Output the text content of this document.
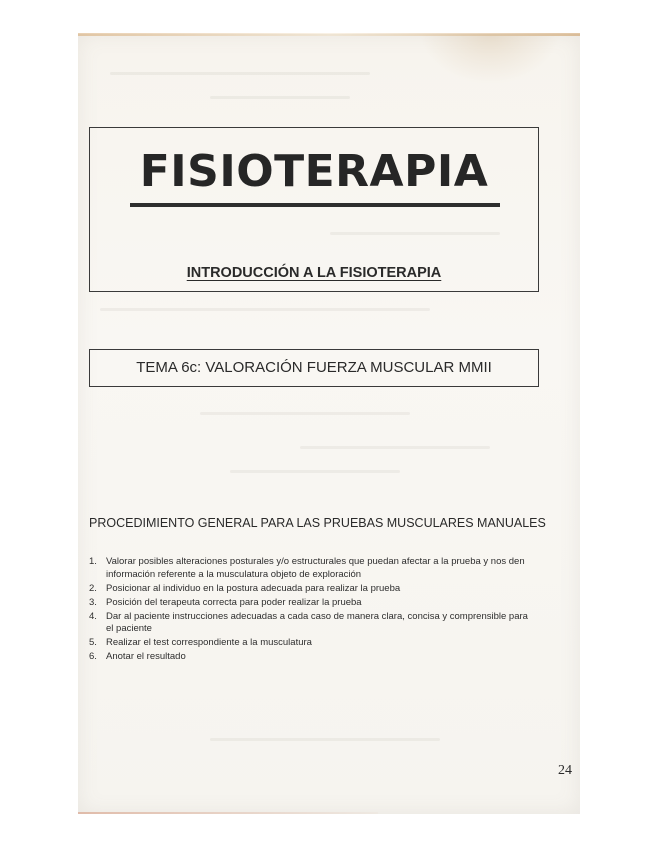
FISIOTERAPIA
INTRODUCCIÓN A LA FISIOTERAPIA
TEMA 6c: VALORACIÓN FUERZA MUSCULAR MMII
PROCEDIMIENTO GENERAL PARA LAS PRUEBAS MUSCULARES MANUALES
1. Valorar posibles alteraciones posturales y/o estructurales que puedan afectar a la prueba y nos den información referente a la musculatura objeto de exploración
2. Posicionar al individuo en la postura adecuada para realizar la prueba
3. Posición del terapeuta correcta para poder realizar la prueba
4. Dar al paciente instrucciones adecuadas a cada caso de manera clara, concisa y comprensible para el paciente
5. Realizar el test correspondiente a la musculatura
6. Anotar el resultado
24
